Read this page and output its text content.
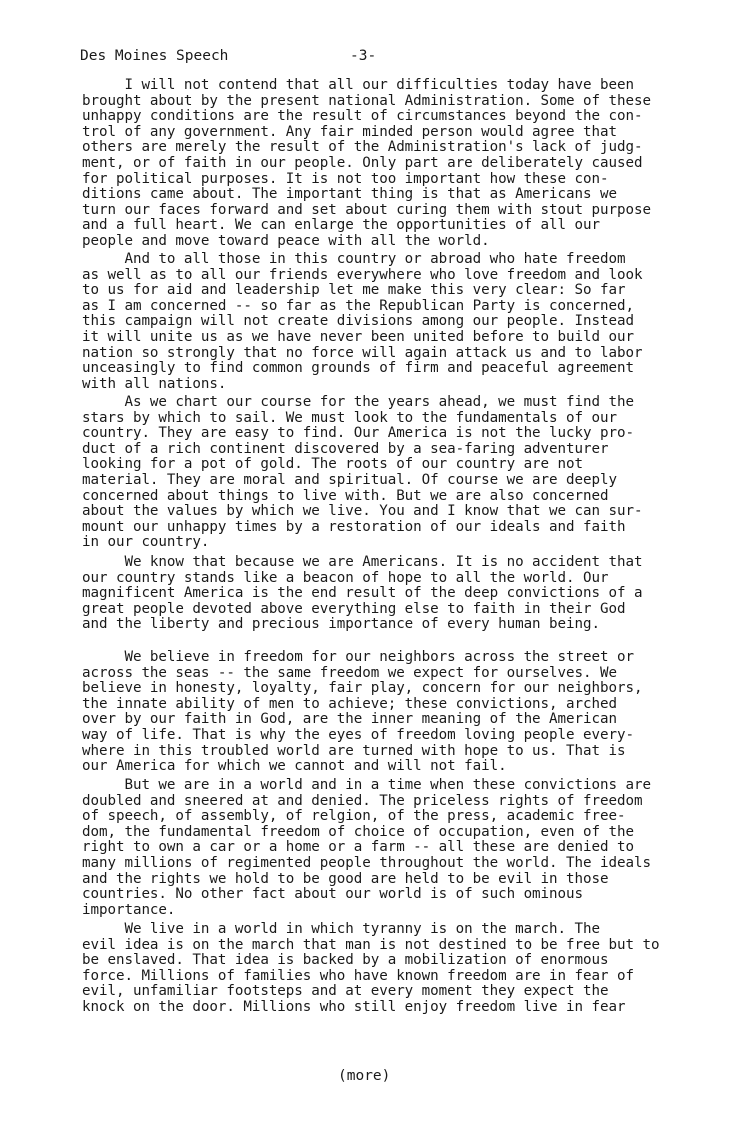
Des Moines Speech	-3-
I will not contend that all our difficulties today have been
brought about by the present national Administration. Some of these
unhappy conditions are the result of circumstances beyond the con-
trol of any government. Any fair minded person would agree that
others are merely the result of the Administration's lack of judg-
ment, or of faith in our people. Only part are deliberately caused
for political purposes. It is not too important how these con-
ditions came about. The important thing is that as Americans we
turn our faces forward and set about curing them with stout purpose
and a full heart. We can enlarge the opportunities of all our
people and move toward peace with all the world.
And to all those in this country or abroad who hate freedom
as well as to all our friends everywhere who love freedom and look
to us for aid and leadership let me make this very clear: So far
as I am concerned -- so far as the Republican Party is concerned,
this campaign will not create divisions among our people. Instead
it will unite us as we have never been united before to build our
nation so strongly that no force will again attack us and to labor
unceasingly to find common grounds of firm and peaceful agreement
with all nations.
As we chart our course for the years ahead, we must find the
stars by which to sail. We must look to the fundamentals of our
country. They are easy to find. Our America is not the lucky pro-
duct of a rich continent discovered by a sea-faring adventurer
looking for a pot of gold. The roots of our country are not
material. They are moral and spiritual. Of course we are deeply
concerned about things to live with. But we are also concerned
about the values by which we live. You and I know that we can sur-
mount our unhappy times by a restoration of our ideals and faith
in our country.
We know that because we are Americans. It is no accident that
our country stands like a beacon of hope to all the world. Our
magnificent America is the end result of the deep convictions of a
great people devoted above everything else to faith in their God
and the liberty and precious importance of every human being.
We believe in freedom for our neighbors across the street or
across the seas -- the same freedom we expect for ourselves. We
believe in honesty, loyalty, fair play, concern for our neighbors,
the innate ability of men to achieve; these convictions, arched
over by our faith in God, are the inner meaning of the American
way of life. That is why the eyes of freedom loving people every-
where in this troubled world are turned with hope to us. That is
our America for which we cannot and will not fail.
But we are in a world and in a time when these convictions are
doubled and sneered at and denied. The priceless rights of freedom
of speech, of assembly, of relgion, of the press, academic free-
dom, the fundamental freedom of choice of occupation, even of the
right to own a car or a home or a farm -- all these are denied to
many millions of regimented people throughout the world. The ideals
and the rights we hold to be good are held to be evil in those
countries. No other fact about our world is of such ominous
importance.
We live in a world in which tyranny is on the march. The
evil idea is on the march that man is not destined to be free but to
be enslaved. That idea is backed by a mobilization of enormous
force. Millions of families who have known freedom are in fear of
evil, unfamiliar footsteps and at every moment they expect the
knock on the door. Millions who still enjoy freedom live in fear
(more)
